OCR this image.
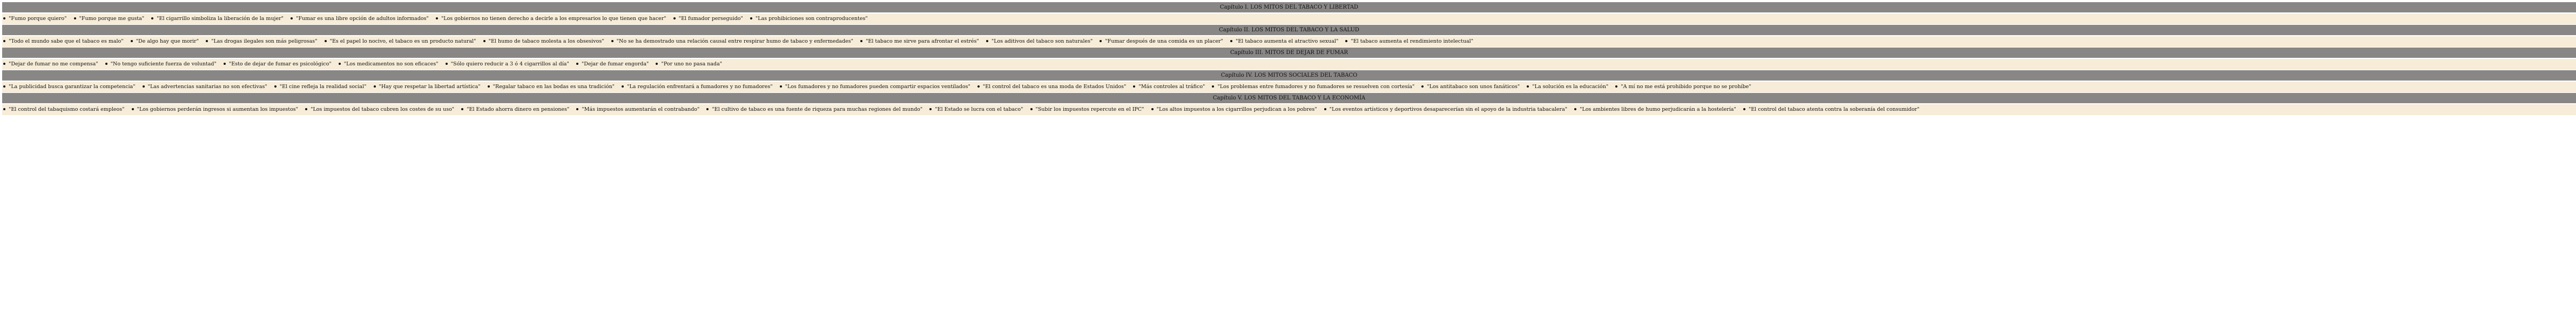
Capítulo I. LOS MITOS DEL TABACO Y LIBERTAD
"Fumo porque quiero" "Fumo porque me gusta" "El cigarrillo simboliza la liberación de la mujer" "Fumar es una libre opción de adultos informados" "Los gobiernos no tienen derecho a decirle a los empresarios lo que tienen que hacer" "El fumador perseguido" "Las prohibiciones son contraproducentes"
Capítulo II. LOS MITOS DEL TABACO Y LA SALUD
"Todo el mundo sabe que el tabaco es malo" "De algo hay que morir" "Las drogas ilegales son más peligrosas" "Es el papel lo nocivo, el tabaco es un producto natural" "El humo de tabaco molesta a los obsesivos" "No se ha demostrado una relación causal entre respirar humo de tabaco y enfermedades" "El tabaco me sirve para afrontar el estrés" "Los aditivos del tabaco son naturales" "Fumar después de una comida es un placer" "El tabaco aumenta el atractivo sexual" "El tabaco aumenta el rendimiento intelectual"
Capítulo III. MITOS DE DEJAR DE FUMAR
"Dejar de fumar no me compensa" "No tengo suficiente fuerza de voluntad" "Esto de dejar de fumar es psicológico" "Los medicamentos no son eficaces" "Sólo quiero reducir a 3 ó 4 cigarrillos al día" "Dejar de fumar engorda" "Por uno no pasa nada"
Capítulo IV. LOS MITOS SOCIALES DEL TABACO
"La publicidad busca garantizar la competencia" "Las advertencias sanitarias no son efectivas" "El cine refleja la realidad social" "Hay que respetar la libertad artística" "Regalar tabaco en las bodas es una tradición" "La regulación enfrentará a fumadores y no fumadores" "Los fumadores y no fumadores pueden compartir espacios ventilados" "El control del tabaco es una moda de Estados Unidos" "Más controles al tráfico" "Los problemas entre fumadores y no fumadores se resuelven con cortesía" "Los antitabaco son unos fanáticos" "La solución es la educación" "A mí no me está prohibido porque no se prohíbe"
Capítulo V. LOS MITOS DEL TABACO Y LA ECONOMÍA
"El control del tabaquismo costará empleos" "Los gobiernos perderán ingresos si aumentan los impuestos" "Los impuestos del tabaco cubren los costes de su uso" "El Estado ahorra dinero en pensiones" "Más impuestos aumentarán el contrabando" "El cultivo de tabaco es una fuente de riqueza para muchas regiones del mundo" "El Estado se lucra con el tabaco" "Subir los impuestos repercute en el IPC" "Los altos impuestos a los cigarrillos perjudican a los pobres" "Los eventos artísticos y deportivos desaparecerían sin el apoyo de la industria tabacalera" "Los ambientes libres de humo perjudicarán a la hostelería" "El control del tabaco atenta contra la soberanía del consumidor"
